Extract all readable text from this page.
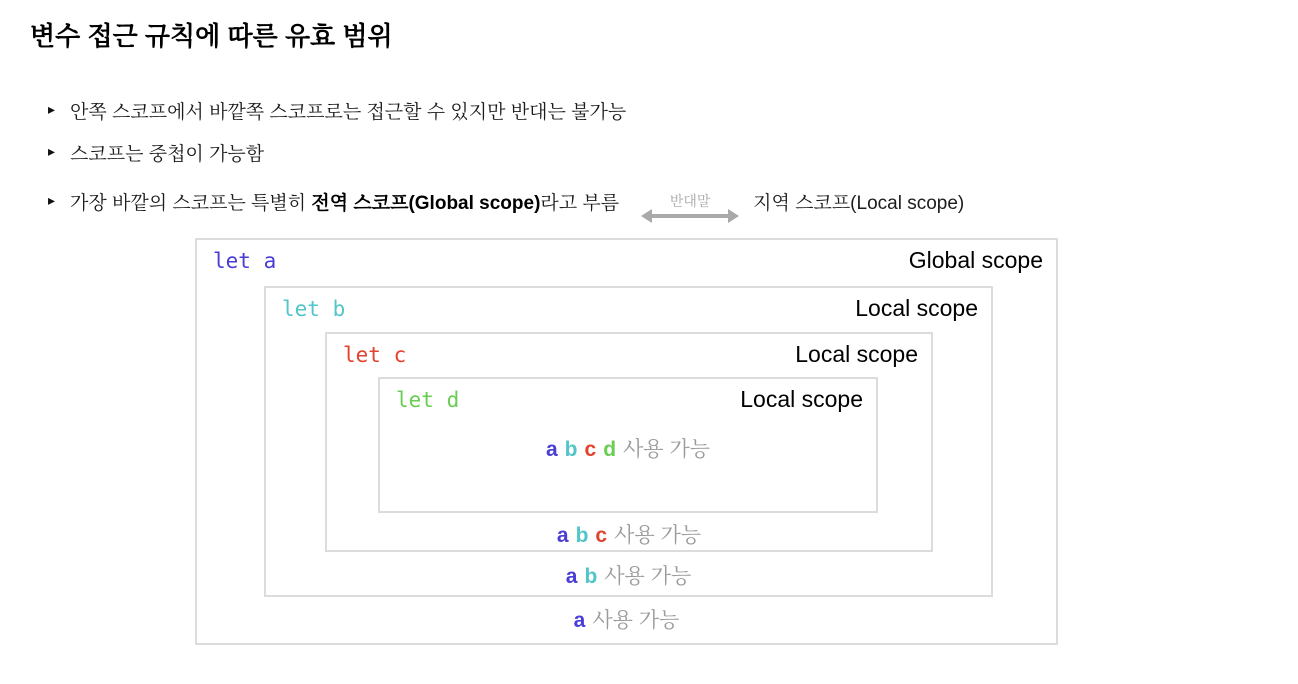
변수 접근 규칙에 따른 유효 범위
▸ 안쪽 스코프에서 바깥쪽 스코프로는 접근할 수 있지만 반대는 불가능
▸ 스코프는 중첩이 가능함
▸ 가장 바깥의 스코프는 특별히 전역 스코프(Global scope)라고 부름	반대말 지역 스코프(Local scope)
let a	Global scope
let b	Local scope
let c	Local scope
let d	Local scope
a b c d 사용 가능
a b c 사용 가능
a b 사용 가능
a 사용 가능
